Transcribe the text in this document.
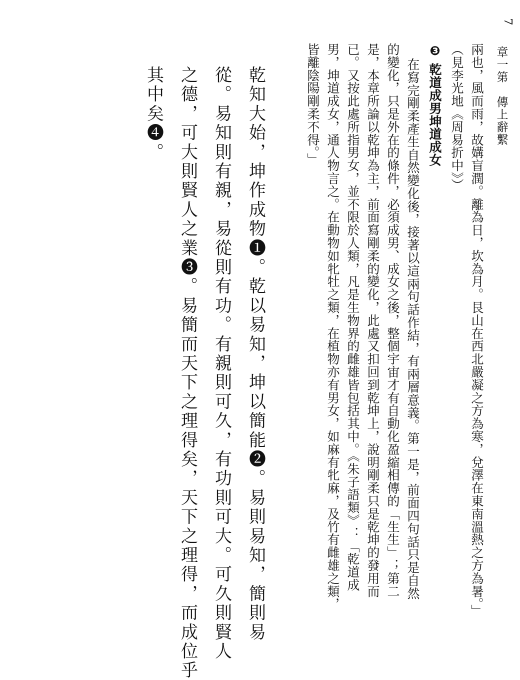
7
章一第　傳上辭繫
兩也，風而雨，故媾盲潤。離為日，坎為月。艮山在西北嚴凝之方為寒，兌澤在東南溫熱之方為暑。」
（見李光地《周易折中》）
❸ 乾道成男坤道成女
在寫完剛柔產生自然變化後，接著以這兩句話作結，有兩層意義。第一是，前面四句話只是自然
的變化，只是外在的條件，必須成男、成女之後，整個宇宙才有自動化盈縮相傳的「生生」；第二
是，本章所論以乾坤為主，前面寫剛柔的變化，此處又扣回到乾坤上，說明剛柔只是乾坤的發用而
已。又按此處所指男女，並不限於人類，凡是生物界的雌雄皆包括其中。《朱子語類》：「乾道成
男，坤道成女，通人物言之。在動物如牝牡之類，在植物亦有男女，如麻有牝麻，及竹有雌雄之類，
皆離陰陽剛柔不得。」
乾知大始，坤作成物❶。乾以易知，坤以簡能❷。易則易知，簡則易
從。易知則有親，易從則有功。有親則可久，有功則可大。可久則賢人
之德，可大則賢人之業❸。易簡而天下之理得矣，天下之理得，而成位乎
其中矣❹。
